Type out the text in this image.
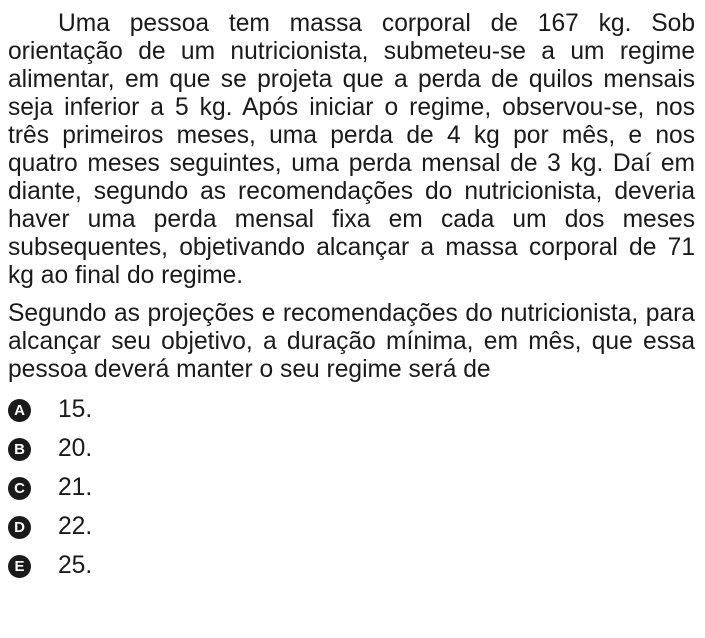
Uma pessoa tem massa corporal de 167 kg. Sob orientação de um nutricionista, submeteu-se a um regime alimentar, em que se projeta que a perda de quilos mensais seja inferior a 5 kg. Após iniciar o regime, observou-se, nos três primeiros meses, uma perda de 4 kg por mês, e nos quatro meses seguintes, uma perda mensal de 3 kg. Daí em diante, segundo as recomendações do nutricionista, deveria haver uma perda mensal fixa em cada um dos meses subsequentes, objetivando alcançar a massa corporal de 71 kg ao final do regime.

Segundo as projeções e recomendações do nutricionista, para alcançar seu objetivo, a duração mínima, em mês, que essa pessoa deverá manter o seu regime será de

A 15.
B 20.
C 21.
D 22.
E 25.
